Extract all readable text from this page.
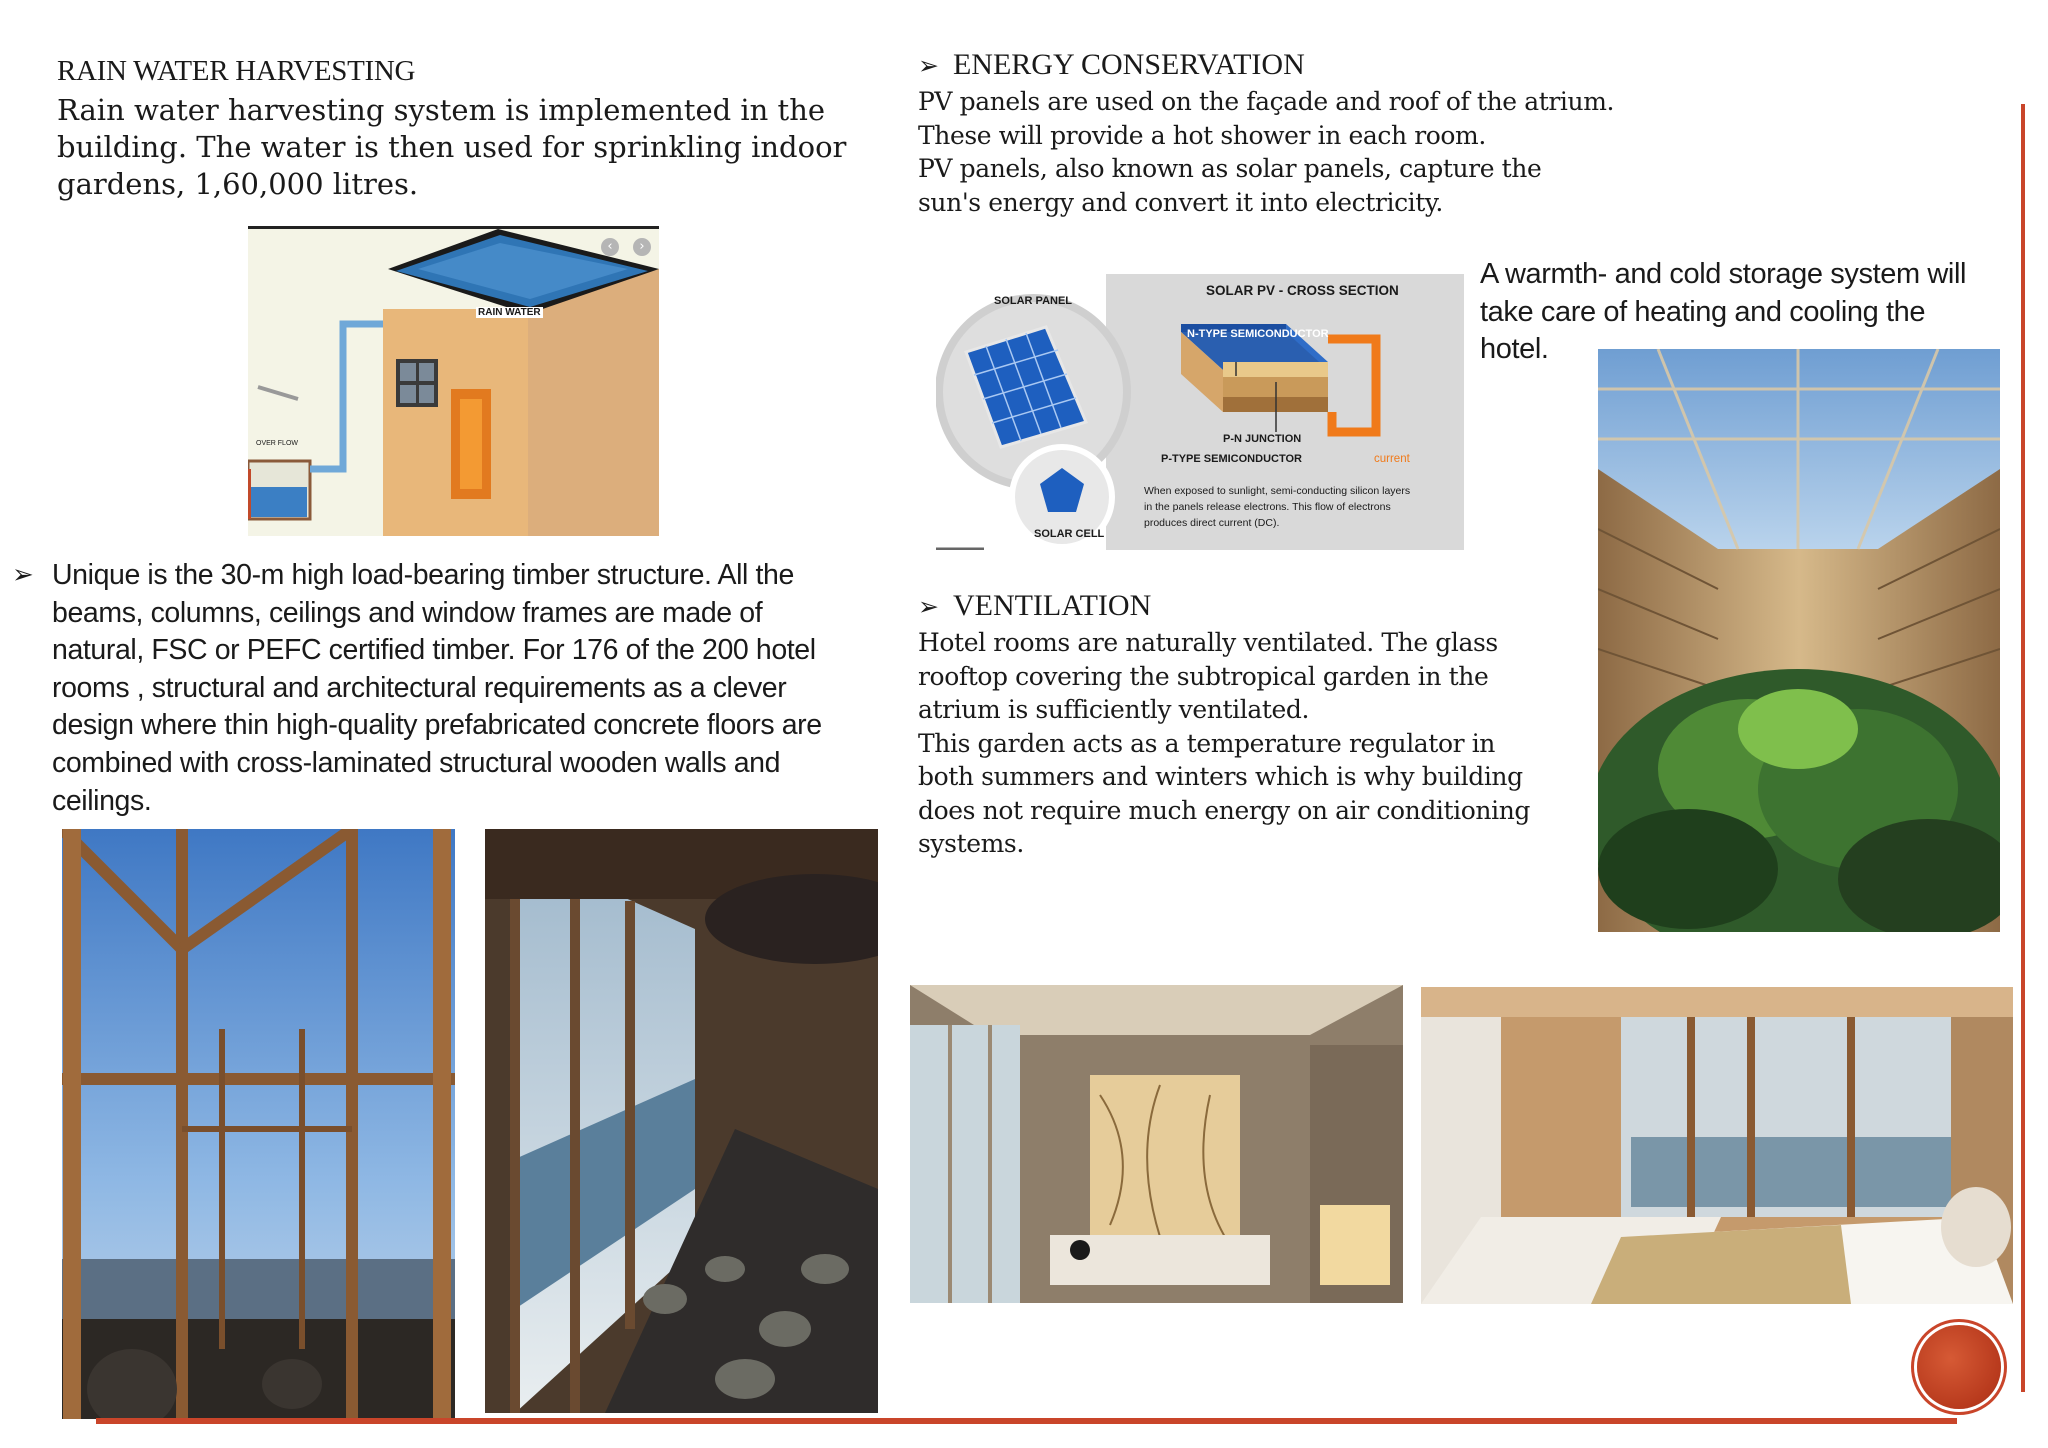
RAIN WATER HARVESTING
Rain water harvesting system is implemented in the
building. The water is then used for sprinkling indoor
gardens, 1,60,000 litres.
RAIN WATER
OVER FLOW
‹	›
➢ Unique is the 30-m high load-bearing timber structure. All the
beams, columns, ceilings and window frames are made of
natural, FSC or PEFC certified timber. For 176 of the 200 hotel
rooms , structural and architectural requirements as a clever
design where thin high-quality prefabricated concrete floors are
combined with cross-laminated structural wooden walls and
ceilings.
➢ ENERGY CONSERVATION
PV panels are used on the façade and roof of the atrium.
These will provide a hot shower in each room.
PV panels, also known as solar panels, capture the
sun's energy and convert it into electricity.
SOLAR PV - CROSS SECTION
SOLAR PANEL
N-TYPE SEMICONDUCTOR
P-N JUNCTION
P-TYPE SEMICONDUCTOR	current
SOLAR CELL
When exposed to sunlight, semi-conducting silicon layers
in the panels release electrons. This flow of electrons
produces direct current (DC).
A warmth- and cold storage system will
take care of heating and cooling the
hotel.
➢ VENTILATION
Hotel rooms are naturally ventilated. The glass
rooftop covering the subtropical garden in the
atrium is sufficiently ventilated.
This garden acts as a temperature regulator in
both summers and winters which is why building
does not require much energy on air conditioning
systems.
